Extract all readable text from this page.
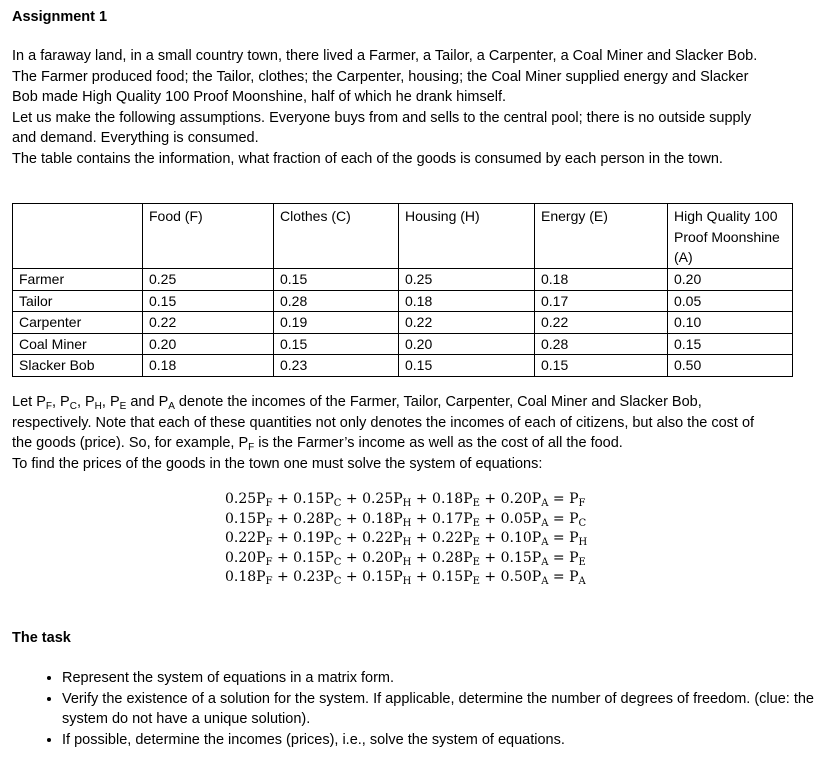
Assignment 1
In a faraway land, in a small country town, there lived a Farmer, a Tailor, a Carpenter, a Coal Miner and Slacker Bob.
The Farmer produced food; the Tailor, clothes; the Carpenter, housing; the Coal Miner supplied energy and Slacker
Bob made High Quality 100 Proof Moonshine, half of which he drank himself.
Let us make the following assumptions. Everyone buys from and sells to the central pool; there is no outside supply
and demand. Everything is consumed.
The table contains the information, what fraction of each of the goods is consumed by each person in the town.
	Food (F)	Clothes (C)	Housing (H)	Energy (E)	High Quality 100 Proof Moonshine (A)
Farmer	0.25	0.15	0.25	0.18	0.20
Tailor	0.15	0.28	0.18	0.17	0.05
Carpenter	0.22	0.19	0.22	0.22	0.10
Coal Miner	0.20	0.15	0.20	0.28	0.15
Slacker Bob	0.18	0.23	0.15	0.15	0.50
Let $P_F$, $P_C$, $P_H$, $P_E$ and $P_A$ denote the incomes of the Farmer, Tailor, Carpenter, Coal Miner and Slacker Bob,
respectively. Note that each of these quantities not only denotes the incomes of each of citizens, but also the cost of
the goods (price). So, for example, $P_F$ is the Farmer’s income as well as the cost of all the food.
To find the prices of the goods in the town one must solve the system of equations:
$0.25P_F + 0.15P_C + 0.25P_H + 0.18P_E + 0.20P_A = P_F$
$0.15P_F + 0.28P_C + 0.18P_H + 0.17P_E + 0.05P_A = P_C$
$0.22P_F + 0.19P_C + 0.22P_H + 0.22P_E + 0.10P_A = P_H$
$0.20P_F + 0.15P_C + 0.20P_H + 0.28P_E + 0.15P_A = P_E$
$0.18P_F + 0.23P_C + 0.15P_H + 0.15P_E + 0.50P_A = P_A$
The task
• Represent the system of equations in a matrix form.
• Verify the existence of a solution for the system. If applicable, determine the number of degrees of freedom. (clue: the system do not have a unique solution).
• If possible, determine the incomes (prices), i.e., solve the system of equations.
